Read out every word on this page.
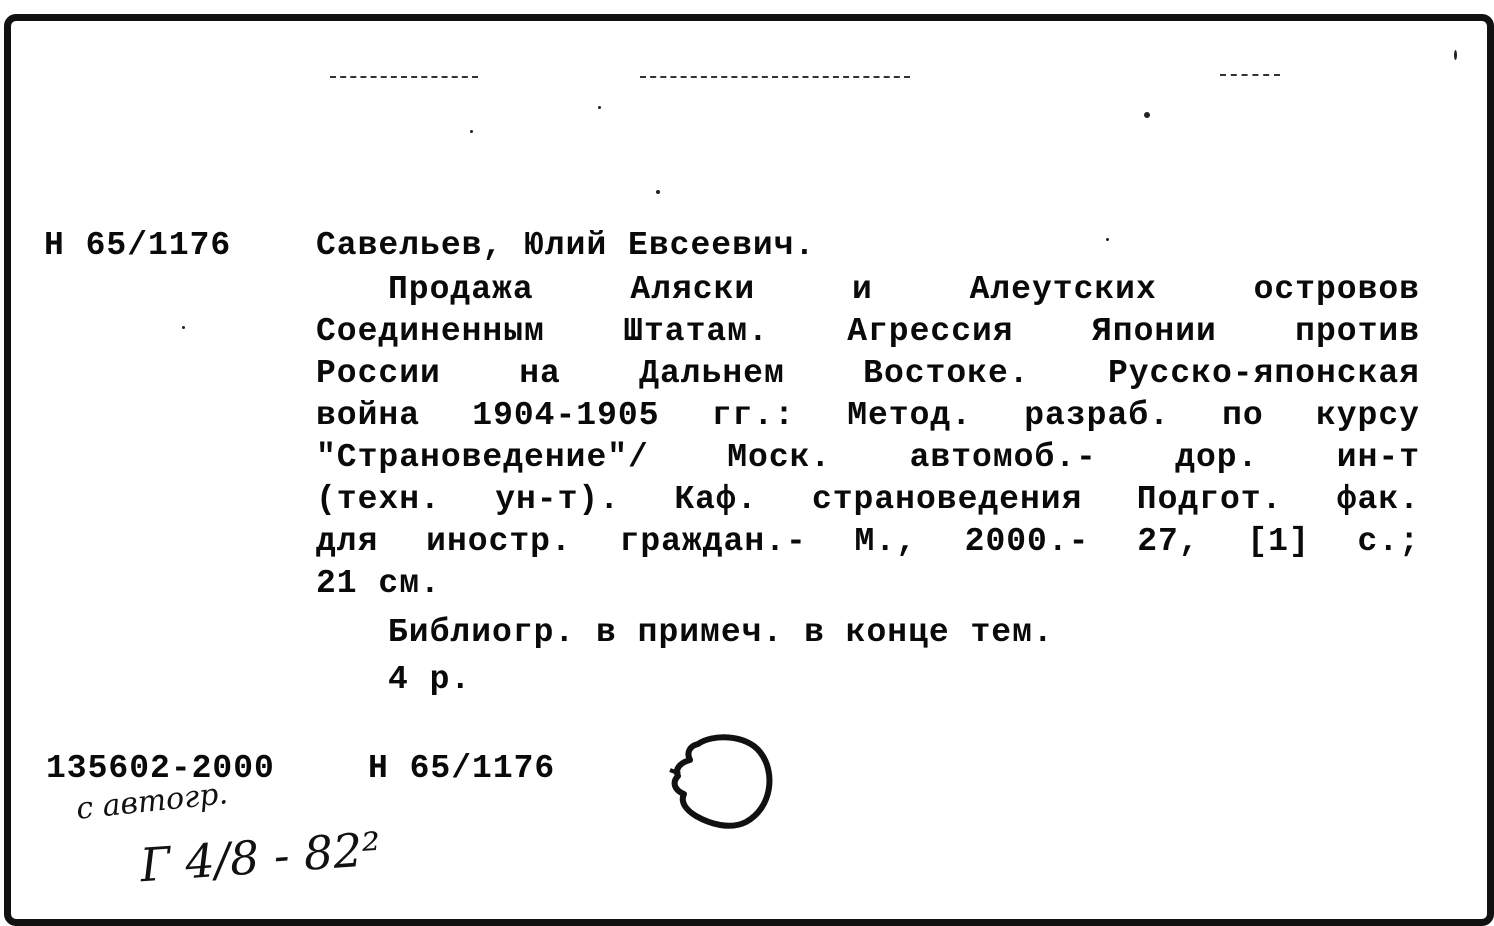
Н 65/1176	Савельев, Юлий Евсеевич.
Продажа	Аляски	и	Алеутских	островов
Соединенным Штатам. Агрессия Японии против
России на Дальнем Востоке. Русско-японская
война 1904-1905 гг.: Метод. разраб. по курсу
"Страноведение"/ Моск. автомоб.- дор. ин-т
(техн. ун-т). Каф. страноведения Подгот. фак.
для иностр. граждан.- М., 2000.- 27, [1] с.;
21 см.
Библиогр. в примеч. в конце тем.
4 р.
135602-2000	Н 65/1176
с автогр.
Г 4/8 - 82²
